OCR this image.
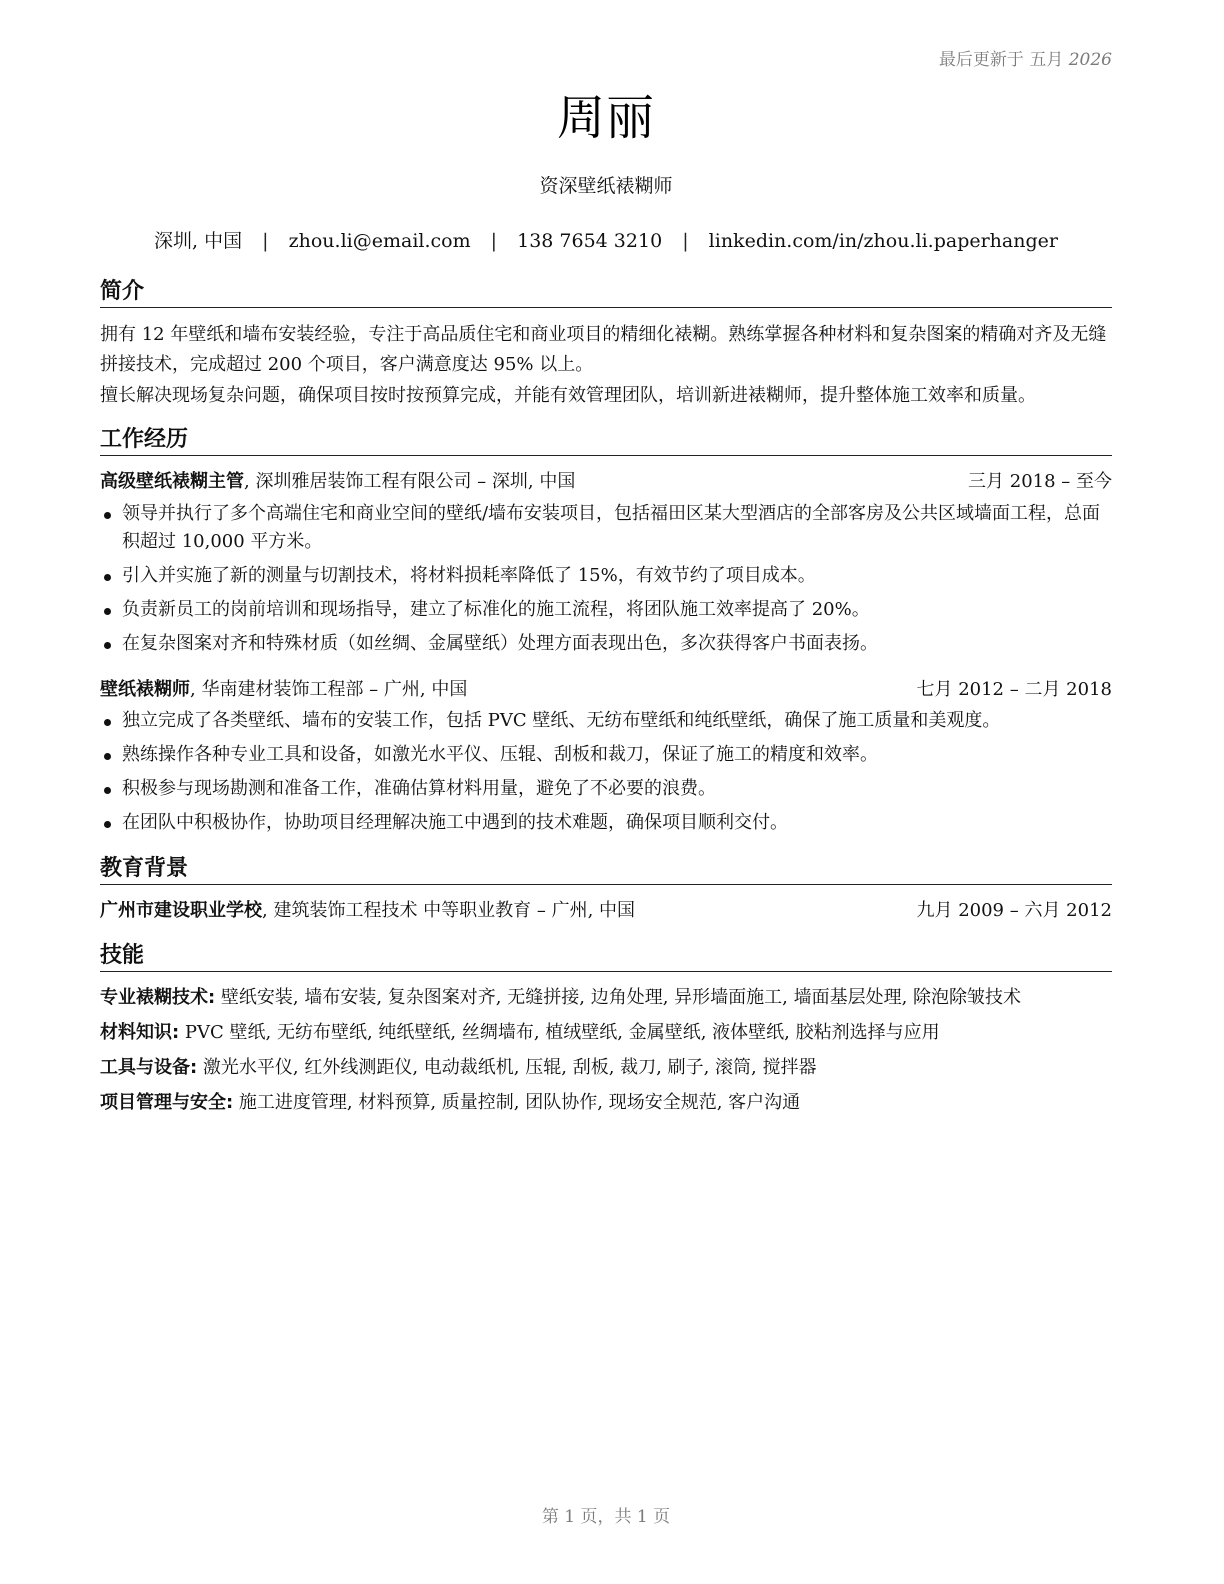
最后更新于 五月 2026
周丽
资深壁纸裱糊师
深圳, 中国 | zhou.li@email.com | 138 7654 3210 | linkedin.com/in/zhou.li.paperhanger
简介
拥有 12 年壁纸和墙布安装经验，专注于高品质住宅和商业项目的精细化裱糊。熟练掌握各种材料和复杂图案的精确对齐及无缝拼接技术，完成超过 200 个项目，客户满意度达 95% 以上。
擅长解决现场复杂问题，确保项目按时按预算完成，并能有效管理团队，培训新进裱糊师，提升整体施工效率和质量。
工作经历
高级壁纸裱糊主管, 深圳雅居装饰工程有限公司 – 深圳, 中国	三月 2018 – 至今
领导并执行了多个高端住宅和商业空间的壁纸/墙布安装项目，包括福田区某大型酒店的全部客房及公共区域墙面工程，总面积超过 10,000 平方米。
引入并实施了新的测量与切割技术，将材料损耗率降低了 15%，有效节约了项目成本。
负责新员工的岗前培训和现场指导，建立了标准化的施工流程，将团队施工效率提高了 20%。
在复杂图案对齐和特殊材质（如丝绸、金属壁纸）处理方面表现出色，多次获得客户书面表扬。
壁纸裱糊师, 华南建材装饰工程部 – 广州, 中国	七月 2012 – 二月 2018
独立完成了各类壁纸、墙布的安装工作，包括 PVC 壁纸、无纺布壁纸和纯纸壁纸，确保了施工质量和美观度。
熟练操作各种专业工具和设备，如激光水平仪、压辊、刮板和裁刀，保证了施工的精度和效率。
积极参与现场勘测和准备工作，准确估算材料用量，避免了不必要的浪费。
在团队中积极协作，协助项目经理解决施工中遇到的技术难题，确保项目顺利交付。
教育背景
广州市建设职业学校, 建筑装饰工程技术 中等职业教育 – 广州, 中国	九月 2009 – 六月 2012
技能
专业裱糊技术: 壁纸安装, 墙布安装, 复杂图案对齐, 无缝拼接, 边角处理, 异形墙面施工, 墙面基层处理, 除泡除皱技术
材料知识: PVC 壁纸, 无纺布壁纸, 纯纸壁纸, 丝绸墙布, 植绒壁纸, 金属壁纸, 液体壁纸, 胶粘剂选择与应用
工具与设备: 激光水平仪, 红外线测距仪, 电动裁纸机, 压辊, 刮板, 裁刀, 刷子, 滚筒, 搅拌器
项目管理与安全: 施工进度管理, 材料预算, 质量控制, 团队协作, 现场安全规范, 客户沟通
第 1 页，共 1 页
